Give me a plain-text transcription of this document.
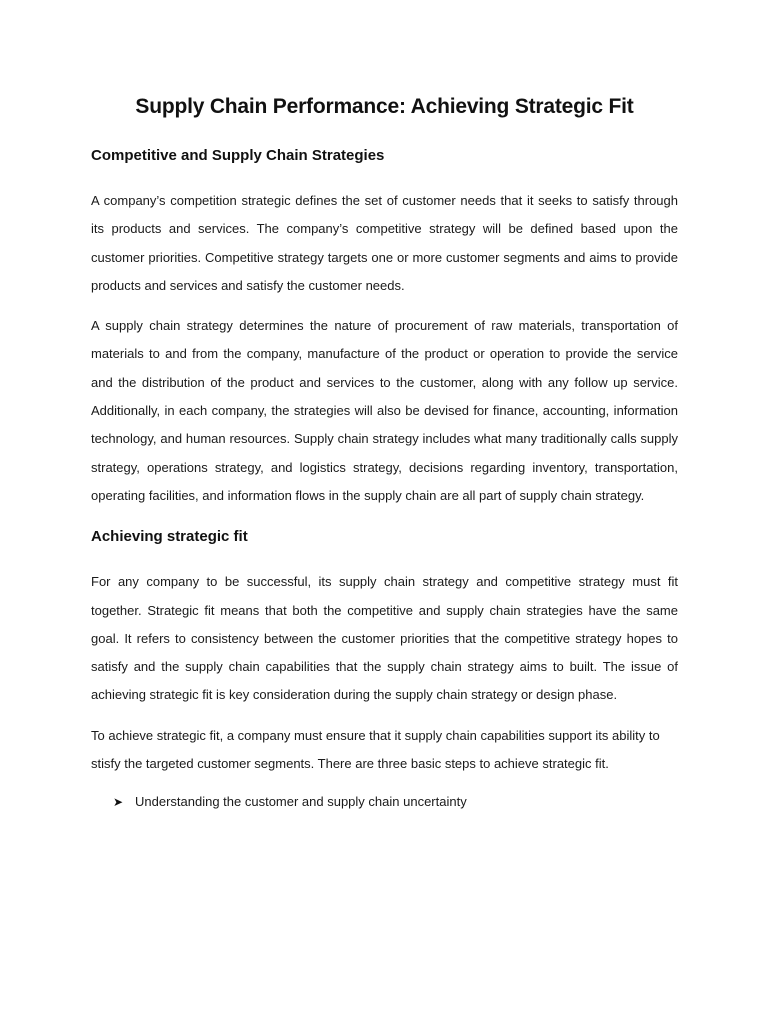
Supply Chain Performance: Achieving Strategic Fit
Competitive and Supply Chain Strategies

A company’s competition strategic defines the set of customer needs that it seeks to satisfy through its products and services. The company’s competitive strategy will be defined based upon the customer priorities. Competitive strategy targets one or more customer segments and aims to provide products and services and satisfy the customer needs.

A supply chain strategy determines the nature of procurement of raw materials, transportation of materials to and from the company, manufacture of the product or operation to provide the service and the distribution of the product and services to the customer, along with any follow up service. Additionally, in each company, the strategies will also be devised for finance, accounting, information technology, and human resources. Supply chain strategy includes what many traditionally calls supply strategy, operations strategy, and logistics strategy, decisions regarding inventory, transportation, operating facilities, and information flows in the supply chain are all part of supply chain strategy.

Achieving strategic fit

For any company to be successful, its supply chain strategy and competitive strategy must fit together. Strategic fit means that both the competitive and supply chain strategies have the same goal. It refers to consistency between the customer priorities that the competitive strategy hopes to satisfy and the supply chain capabilities that the supply chain strategy aims to built. The issue of achieving strategic fit is key consideration during the supply chain strategy or design phase.

To achieve strategic fit, a company must ensure that it supply chain capabilities support its ability to stisfy the targeted customer segments. There are three basic steps to achieve strategic fit.

➤ Understanding the customer and supply chain uncertainty
